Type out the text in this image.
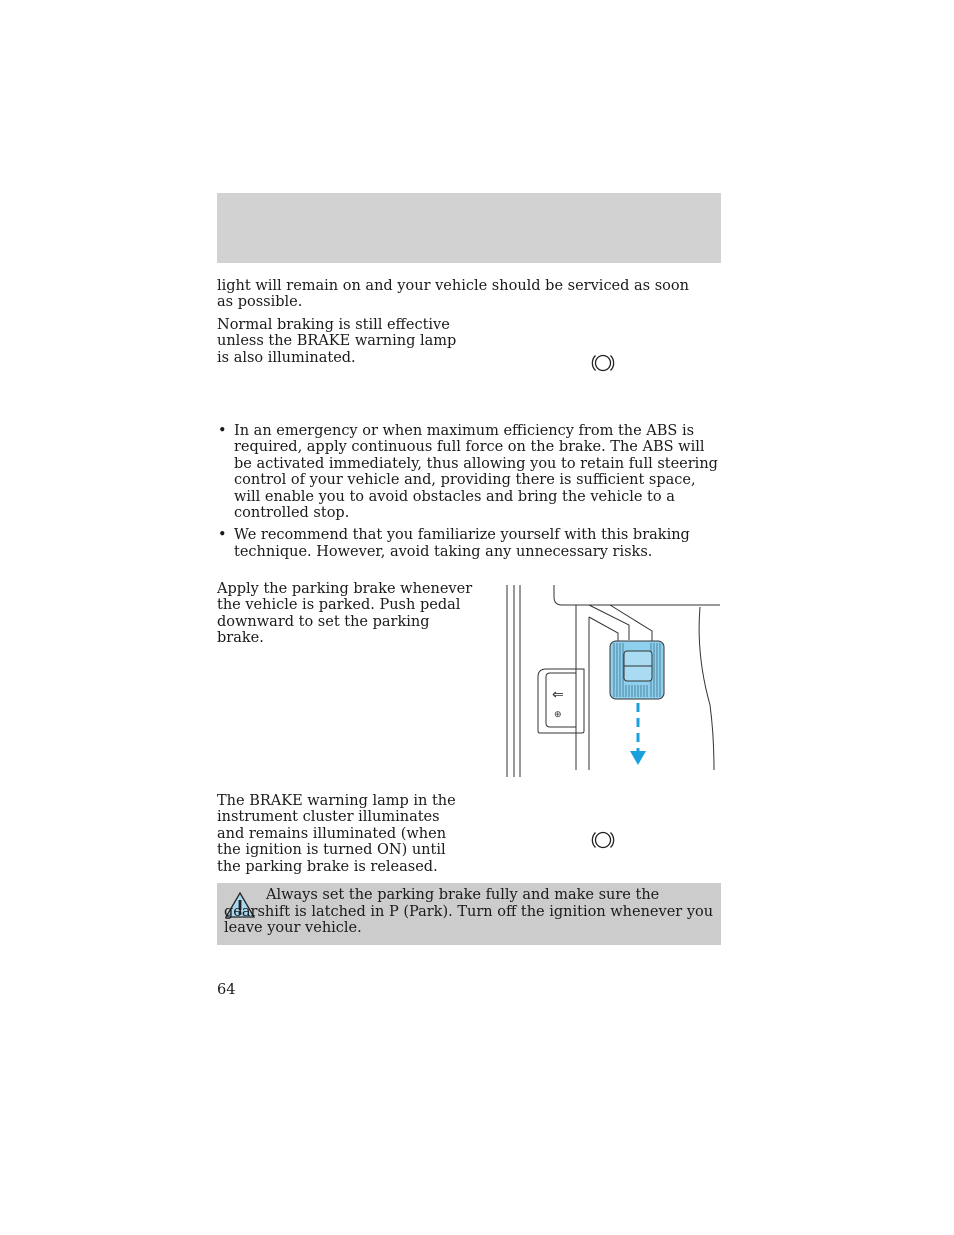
light will remain on and your vehicle should be serviced as soon as possible.
Normal braking is still effective unless the BRAKE warning lamp is also illuminated.
• In an emergency or when maximum efficiency from the ABS is required, apply continuous full force on the brake. The ABS will be activated immediately, thus allowing you to retain full steering control of your vehicle and, providing there is sufficient space, will enable you to avoid obstacles and bring the vehicle to a controlled stop.
• We recommend that you familiarize yourself with this braking technique. However, avoid taking any unnecessary risks.
Apply the parking brake whenever the vehicle is parked. Push pedal downward to set the parking brake.
⇐
⊕
The BRAKE warning lamp in the instrument cluster illuminates and remains illuminated (when the ignition is turned ON) until the parking brake is released.
Always set the parking brake fully and make sure the gearshift is latched in P (Park). Turn off the ignition whenever you leave your vehicle.
64
